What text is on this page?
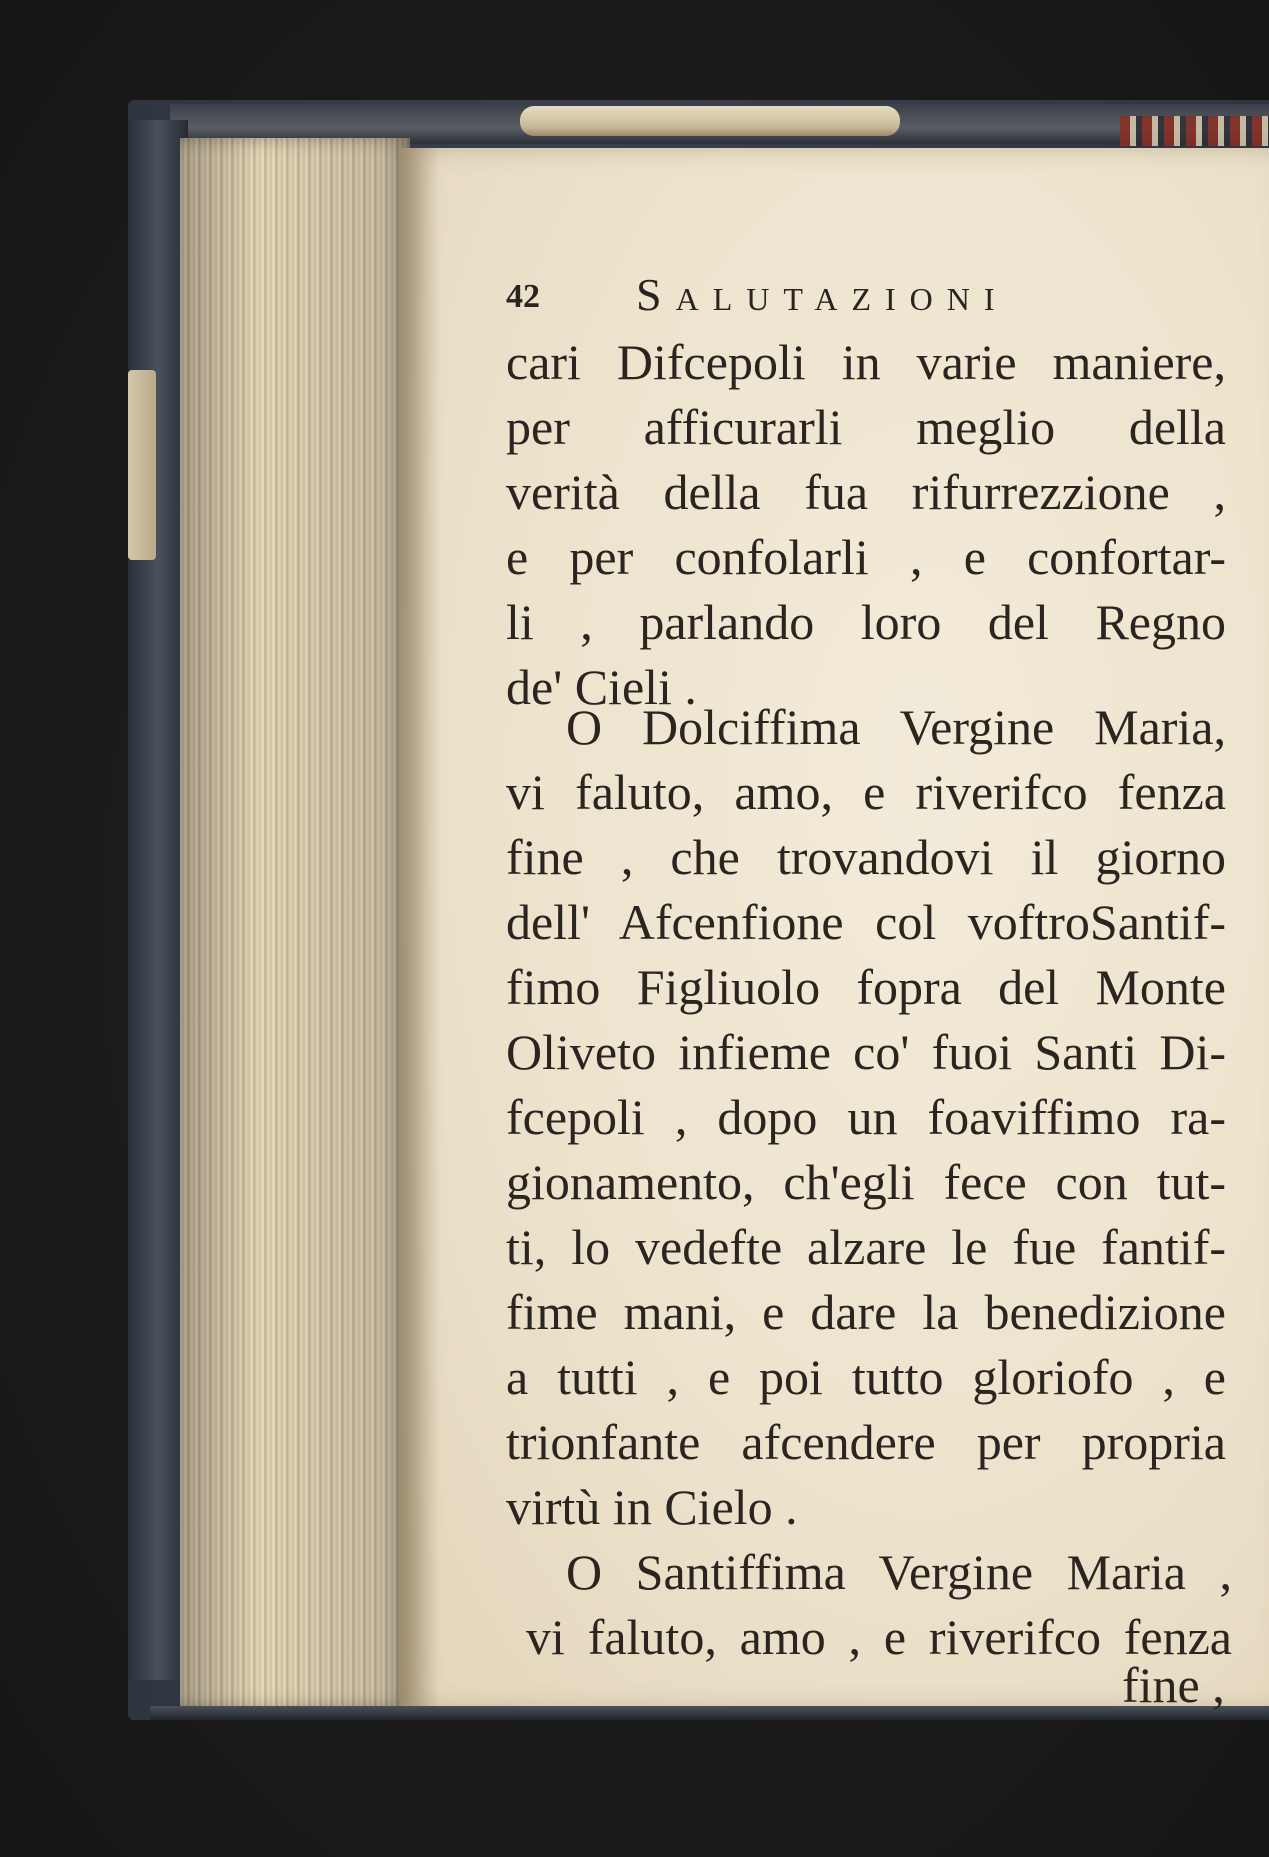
42 Salutazioni
cari Difcepoli in varie maniere,
per afficurarli meglio della
verità della fua rifurrezzione ,
e per confolarli , e confortar-
li , parlando loro del Regno
de' Cieli .
O Dolciffima Vergine Maria,
vi faluto, amo, e riverifco fenza
fine , che trovandovi il giorno
dell' Afcenfione col voftroSantif-
fimo Figliuolo fopra del Monte
Oliveto infieme co' fuoi Santi Di-
fcepoli , dopo un foaviffimo ra-
gionamento, ch'egli fece con tut-
ti, lo vedefte alzare le fue fantif-
fime mani, e dare la benedizione
a tutti , e poi tutto gloriofo , e
trionfante afcendere per propria
virtù in Cielo .
O Santiffima Vergine Maria ,
vi faluto, amo , e riverifco fenza
fine ,
